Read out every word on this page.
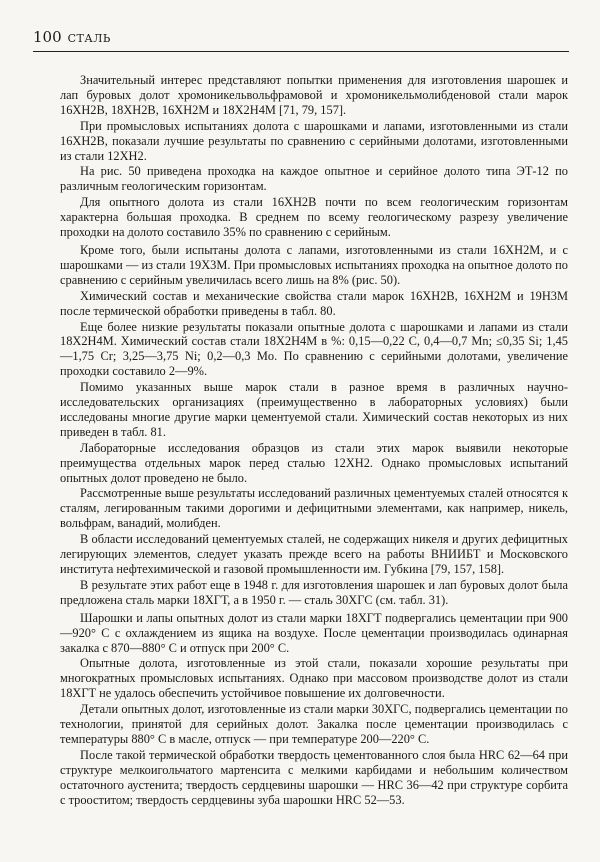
100 СТАЛЬ

Значительный интерес представляют попытки применения для изготовления шарошек и лап буровых долот хромоникельвольфрамовой и хромоникельмолибденовой стали марок 16ХН2В, 18ХН2В, 16ХН2М и 18Х2Н4М [71, 79, 157].

При промысловых испытаниях долота с шарошками и лапами, изготовленными из стали 16ХН2В, показали лучшие результаты по сравнению с серийными долотами, изготовленными из стали 12ХН2.

На рис. 50 приведена проходка на каждое опытное и серийное долото типа ЭТ-12 по различным геологическим горизонтам.

Для опытного долота из стали 16ХН2В почти по всем геологическим горизонтам характерна большая проходка. В среднем по всему геологическому разрезу увеличение проходки на долото составило 35% по сравнению с серийным.

Кроме того, были испытаны долота с лапами, изготовленными из стали 16ХН2М, и с шарошками — из стали 19Х3М. При промысловых испытаниях проходка на опытное долото по сравнению с серийным увеличилась всего лишь на 8% (рис. 50).

Химический состав и механические свойства стали марок 16ХН2В, 16ХН2М и 19Н3М после термической обработки приведены в табл. 80.

Еще более низкие результаты показали опытные долота с шарошками и лапами из стали 18Х2Н4М. Химический состав стали 18Х2Н4М в %: 0,15—0,22 С, 0,4—0,7 Mn; ≤0,35 Si; 1,45—1,75 Cr; 3,25—3,75 Ni; 0,2—0,3 Mo. По сравнению с серийными долотами, увеличение проходки составило 2—9%.

Помимо указанных выше марок стали в разное время в различных научно-исследовательских организациях (преимущественно в лабораторных условиях) были исследованы многие другие марки цементуемой стали. Химический состав некоторых из них приведен в табл. 81.

Лабораторные исследования образцов из стали этих марок выявили некоторые преимущества отдельных марок перед сталью 12ХН2. Однако промысловых испытаний опытных долот проведено не было.

Рассмотренные выше результаты исследований различных цементуемых сталей относятся к сталям, легированным такими дорогими и дефицитными элементами, как например, никель, вольфрам, ванадий, молибден.

В области исследований цементуемых сталей, не содержащих никеля и других дефицитных легирующих элементов, следует указать прежде всего на работы ВНИИБТ и Московского института нефтехимической и газовой промышленности им. Губкина [79, 157, 158].

В результате этих работ еще в 1948 г. для изготовления шарошек и лап буровых долот была предложена сталь марки 18ХГТ, а в 1950 г. — сталь 30ХГС (см. табл. 31).

Шарошки и лапы опытных долот из стали марки 18ХГТ подвергались цементации при 900—920° С с охлаждением из ящика на воздухе. После цементации производилась одинарная закалка с 870—880° С и отпуск при 200° С.

Опытные долота, изготовленные из этой стали, показали хорошие результаты при многократных промысловых испытаниях. Однако при массовом производстве долот из стали 18ХГТ не удалось обеспечить устойчивое повышение их долговечности.

Детали опытных долот, изготовленные из стали марки 30ХГС, подвергались цементации по технологии, принятой для серийных долот. Закалка после цементации производилась с температуры 880° С в масле, отпуск — при температуре 200—220° С.

После такой термической обработки твердость цементованного слоя была HRC 62—64 при структуре мелкоигольчатого мартенсита с мелкими карбидами и небольшим количеством остаточного аустенита; твердость сердцевины шарошки — HRC 36—42 при структуре сорбита с трооститом; твердость сердцевины зуба шарошки HRC 52—53.
